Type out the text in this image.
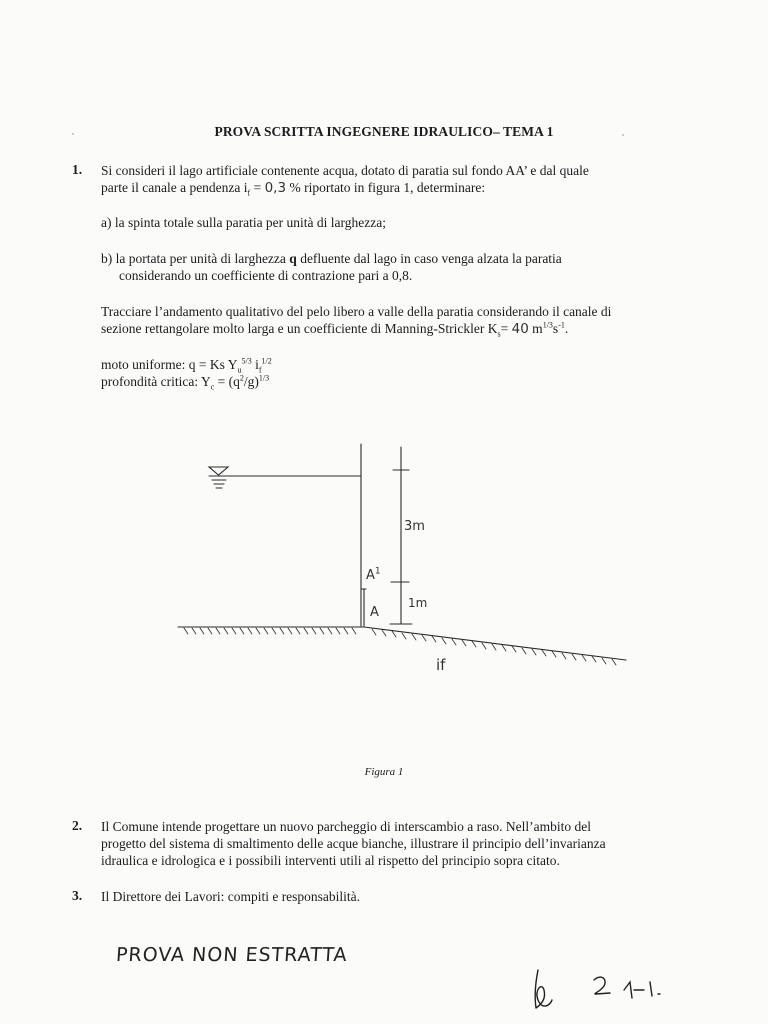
PROVA SCRITTA INGEGNERE IDRAULICO– TEMA 1
1. Si consideri il lago artificiale contenente acqua, dotato di paratia sul fondo AA’ e dal quale
parte il canale a pendenza $i_f = 0,3$ % riportato in figura 1, determinare:
a) la spinta totale sulla paratia per unità di larghezza;
b) la portata per unità di larghezza q defluente dal lago in caso venga alzata la paratia
considerando un coefficiente di contrazione pari a 0,8.
Tracciare l’andamento qualitativo del pelo libero a valle della paratia considerando il canale di
sezione rettangolare molto larga e un coefficiente di Manning-Strickler $K_s= 40$ $m^{1/3}s^{-1}$.
moto uniforme: q = Ks $Y_u^{5/3}$ $i_f^{1/2}$
profondità critica: $Y_c = (q^2/g)^{1/3}$
3m
1m
$A^1$
A
if
Figura 1
2. Il Comune intende progettare un nuovo parcheggio di interscambio a raso. Nell’ambito del
progetto del sistema di smaltimento delle acque bianche, illustrare il principio dell’invarianza
idraulica e idrologica e i possibili interventi utili al rispetto del principio sopra citato.
3. Il Direttore dei Lavori: compiti e responsabilità.
PROVA NON ESTRATTA
